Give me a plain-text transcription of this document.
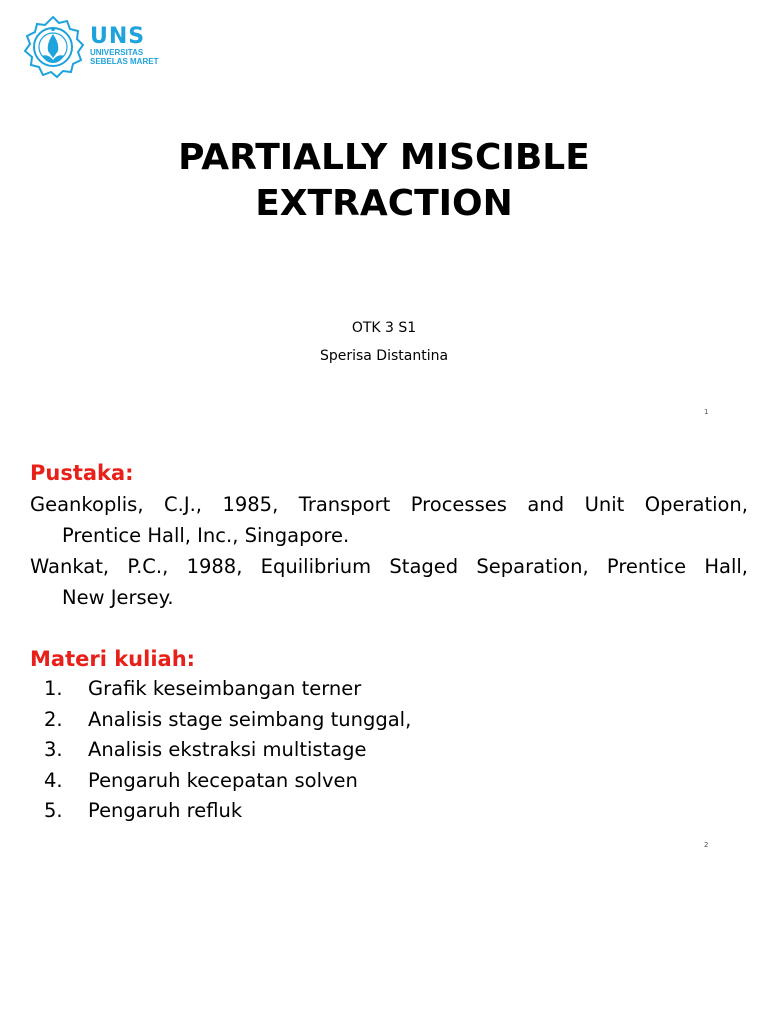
UNS
UNIVERSITAS
SEBELAS MARET
PARTIALLY MISCIBLE
EXTRACTION
OTK 3 S1
Sperisa Distantina
1
Pustaka:
Geankoplis, C.J., 1985, Transport Processes and Unit Operation,
Prentice Hall, Inc., Singapore.
Wankat, P.C., 1988, Equilibrium Staged Separation, Prentice Hall,
New Jersey.
Materi kuliah:
1. Grafik keseimbangan terner
2. Analisis stage seimbang tunggal,
3. Analisis ekstraksi multistage
4. Pengaruh kecepatan solven
5. Pengaruh refluk
2
